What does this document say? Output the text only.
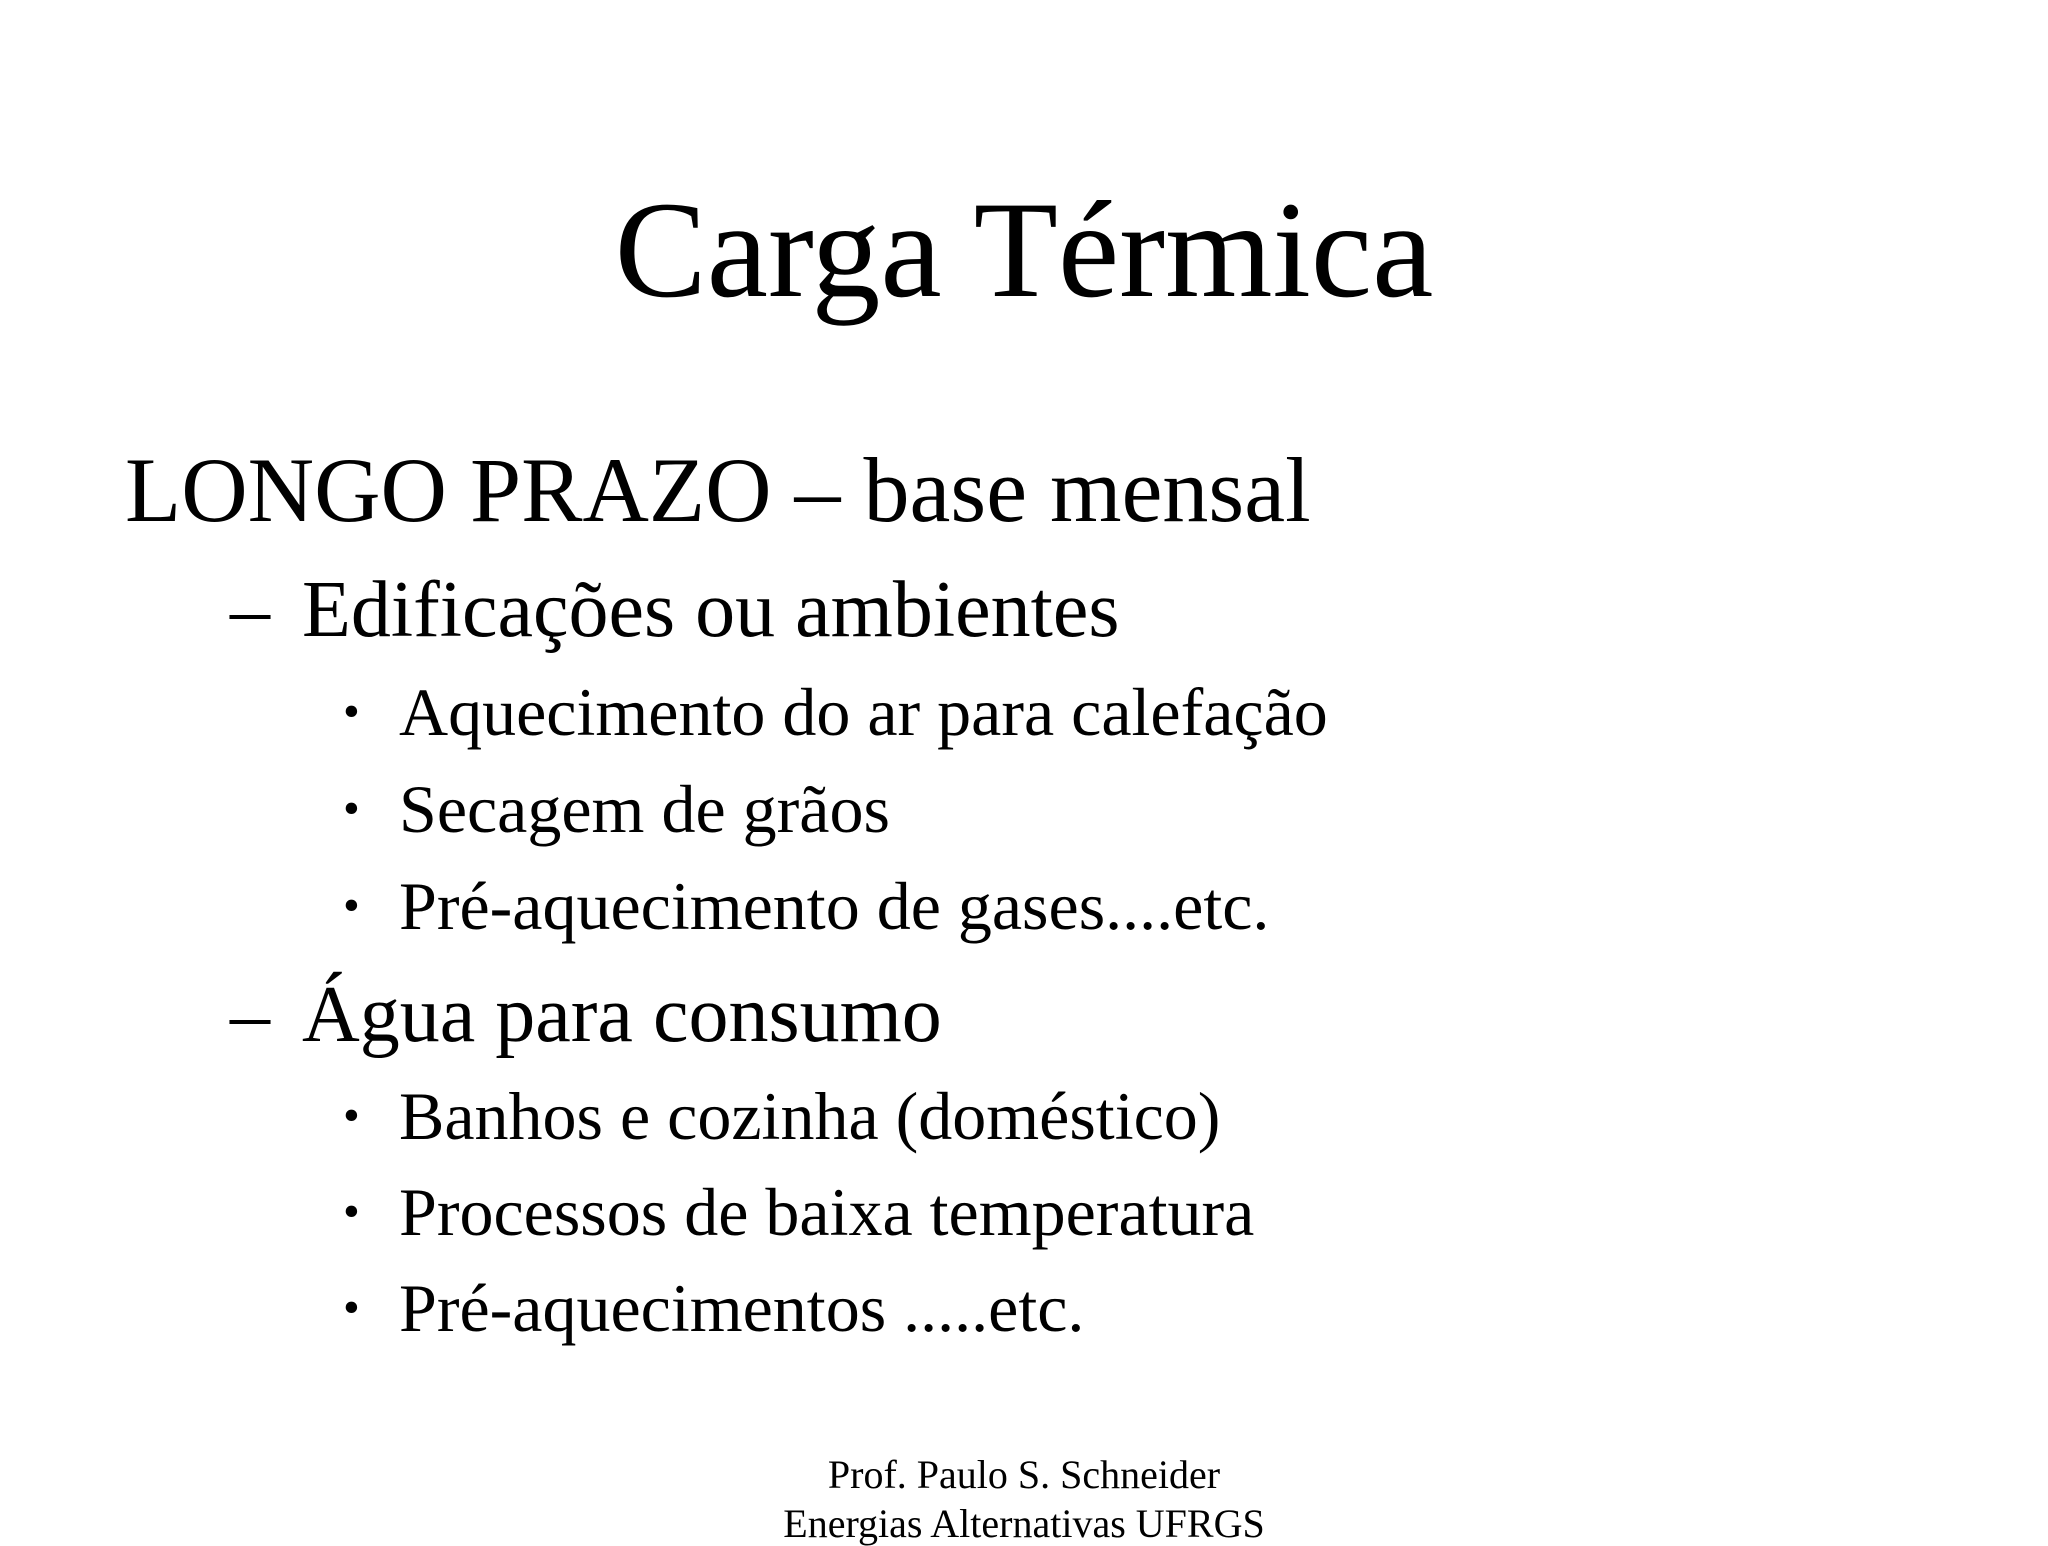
Carga Térmica
LONGO PRAZO – base mensal
– Edificações ou ambientes
• Aquecimento do ar para calefação
• Secagem de grãos
• Pré-aquecimento de gases....etc.
– Água para consumo
• Banhos e cozinha (doméstico)
• Processos de baixa temperatura
• Pré-aquecimentos .....etc.
Prof. Paulo S. Schneider
Energias Alternativas UFRGS
